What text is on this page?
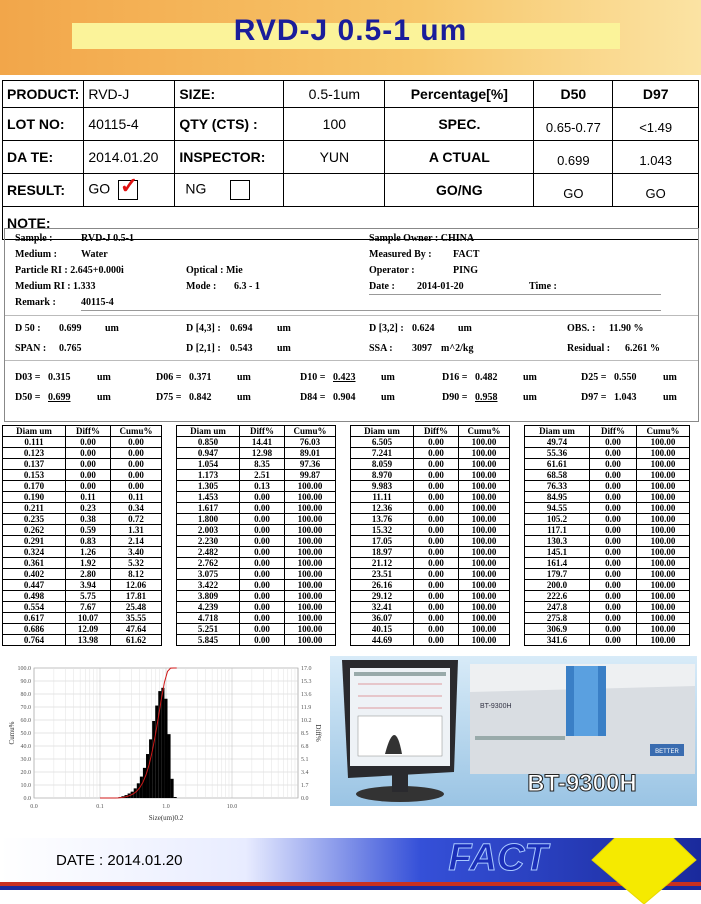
RVD-J 0.5-1 um
PRODUCT:	RVD-J	SIZE:	0.5-1um	Percentage[%]	D50	D97
LOT NO:	40115-4	QTY (CTS) :	100	SPEC.	0.65-0.77	<1.49
DA TE:	2014.01.20	INSPECTOR:	YUN	A CTUAL	0.699	1.043
RESULT:	GO ✓	NG		GO/NG	GO	GO
NOTE:						
Sample :	RVD-J 0.5-1
Medium : Water
Particle RI : 2.645+0.000i	Optical : Mie
Medium RI : 1.333	Mode : 6.3 - 1
Remark :	40115-4
Sample Owner : CHINA
Measured By : FACT
Operator :	PING
Date : 2014-01-20	Time :
D 50 : 0.699 um	D [4,3] : 0.694 um	D [3,2] : 0.624 um	OBS. : 11.90 %
SPAN : 0.765	D [2,1] : 0.543 um	SSA : 3097 m^2/kg	Residual : 6.261 %
D03 = 0.315	um	D06 = 0.371	um	D10 = 0.423	um	D16 = 0.482	um	D25 = 0.550	um
D50 = 0.699	um	D75 = 0.842	um	D84 = 0.904	um	D90 = 0.958	um	D97 = 1.043	um
Diam um	Diff%	Cumu%
0.111	0.00	0.00
0.123	0.00	0.00
0.137	0.00	0.00
0.153	0.00	0.00
0.170	0.00	0.00
0.190	0.11	0.11
0.211	0.23	0.34
0.235	0.38	0.72
0.262	0.59	1.31
0.291	0.83	2.14
0.324	1.26	3.40
0.361	1.92	5.32
0.402	2.80	8.12
0.447	3.94	12.06
0.498	5.75	17.81
0.554	7.67	25.48
0.617	10.07	35.55
0.686	12.09	47.64
0.764	13.98	61.62
Diam um	Diff%	Cumu%
0.850	14.41	76.03
0.947	12.98	89.01
1.054	8.35	97.36
1.173	2.51	99.87
1.305	0.13	100.00
1.453	0.00	100.00
1.617	0.00	100.00
1.800	0.00	100.00
2.003	0.00	100.00
2.230	0.00	100.00
2.482	0.00	100.00
2.762	0.00	100.00
3.075	0.00	100.00
3.422	0.00	100.00
3.809	0.00	100.00
4.239	0.00	100.00
4.718	0.00	100.00
5.251	0.00	100.00
5.845	0.00	100.00
Diam um	Diff%	Cumu%
6.505	0.00	100.00
7.241	0.00	100.00
8.059	0.00	100.00
8.970	0.00	100.00
9.983	0.00	100.00
11.11	0.00	100.00
12.36	0.00	100.00
13.76	0.00	100.00
15.32	0.00	100.00
17.05	0.00	100.00
18.97	0.00	100.00
21.12	0.00	100.00
23.51	0.00	100.00
26.16	0.00	100.00
29.12	0.00	100.00
32.41	0.00	100.00
36.07	0.00	100.00
40.15	0.00	100.00
44.69	0.00	100.00
Diam um	Diff%	Cumu%
49.74	0.00	100.00
55.36	0.00	100.00
61.61	0.00	100.00
68.58	0.00	100.00
76.33	0.00	100.00
84.95	0.00	100.00
94.55	0.00	100.00
105.2	0.00	100.00
117.1	0.00	100.00
130.3	0.00	100.00
145.1	0.00	100.00
161.4	0.00	100.00
179.7	0.00	100.00
200.0	0.00	100.00
222.6	0.00	100.00
247.8	0.00	100.00
275.8	0.00	100.00
306.9	0.00	100.00
341.6	0.00	100.00
0.0	0.0
10.0	1.7
20.0	3.4
30.0	5.1
40.0	6.8
50.0	8.5
60.0	10.2
70.0	11.9
80.0	13.6
90.0	15.3
100.0	17.0
0.0	0.1	1.0	10.0
Cumu%	Diff%
Size(um)0.2
BETTER
BT-9300H
BT-9300H
FACT
DATE : 2014.01.20
